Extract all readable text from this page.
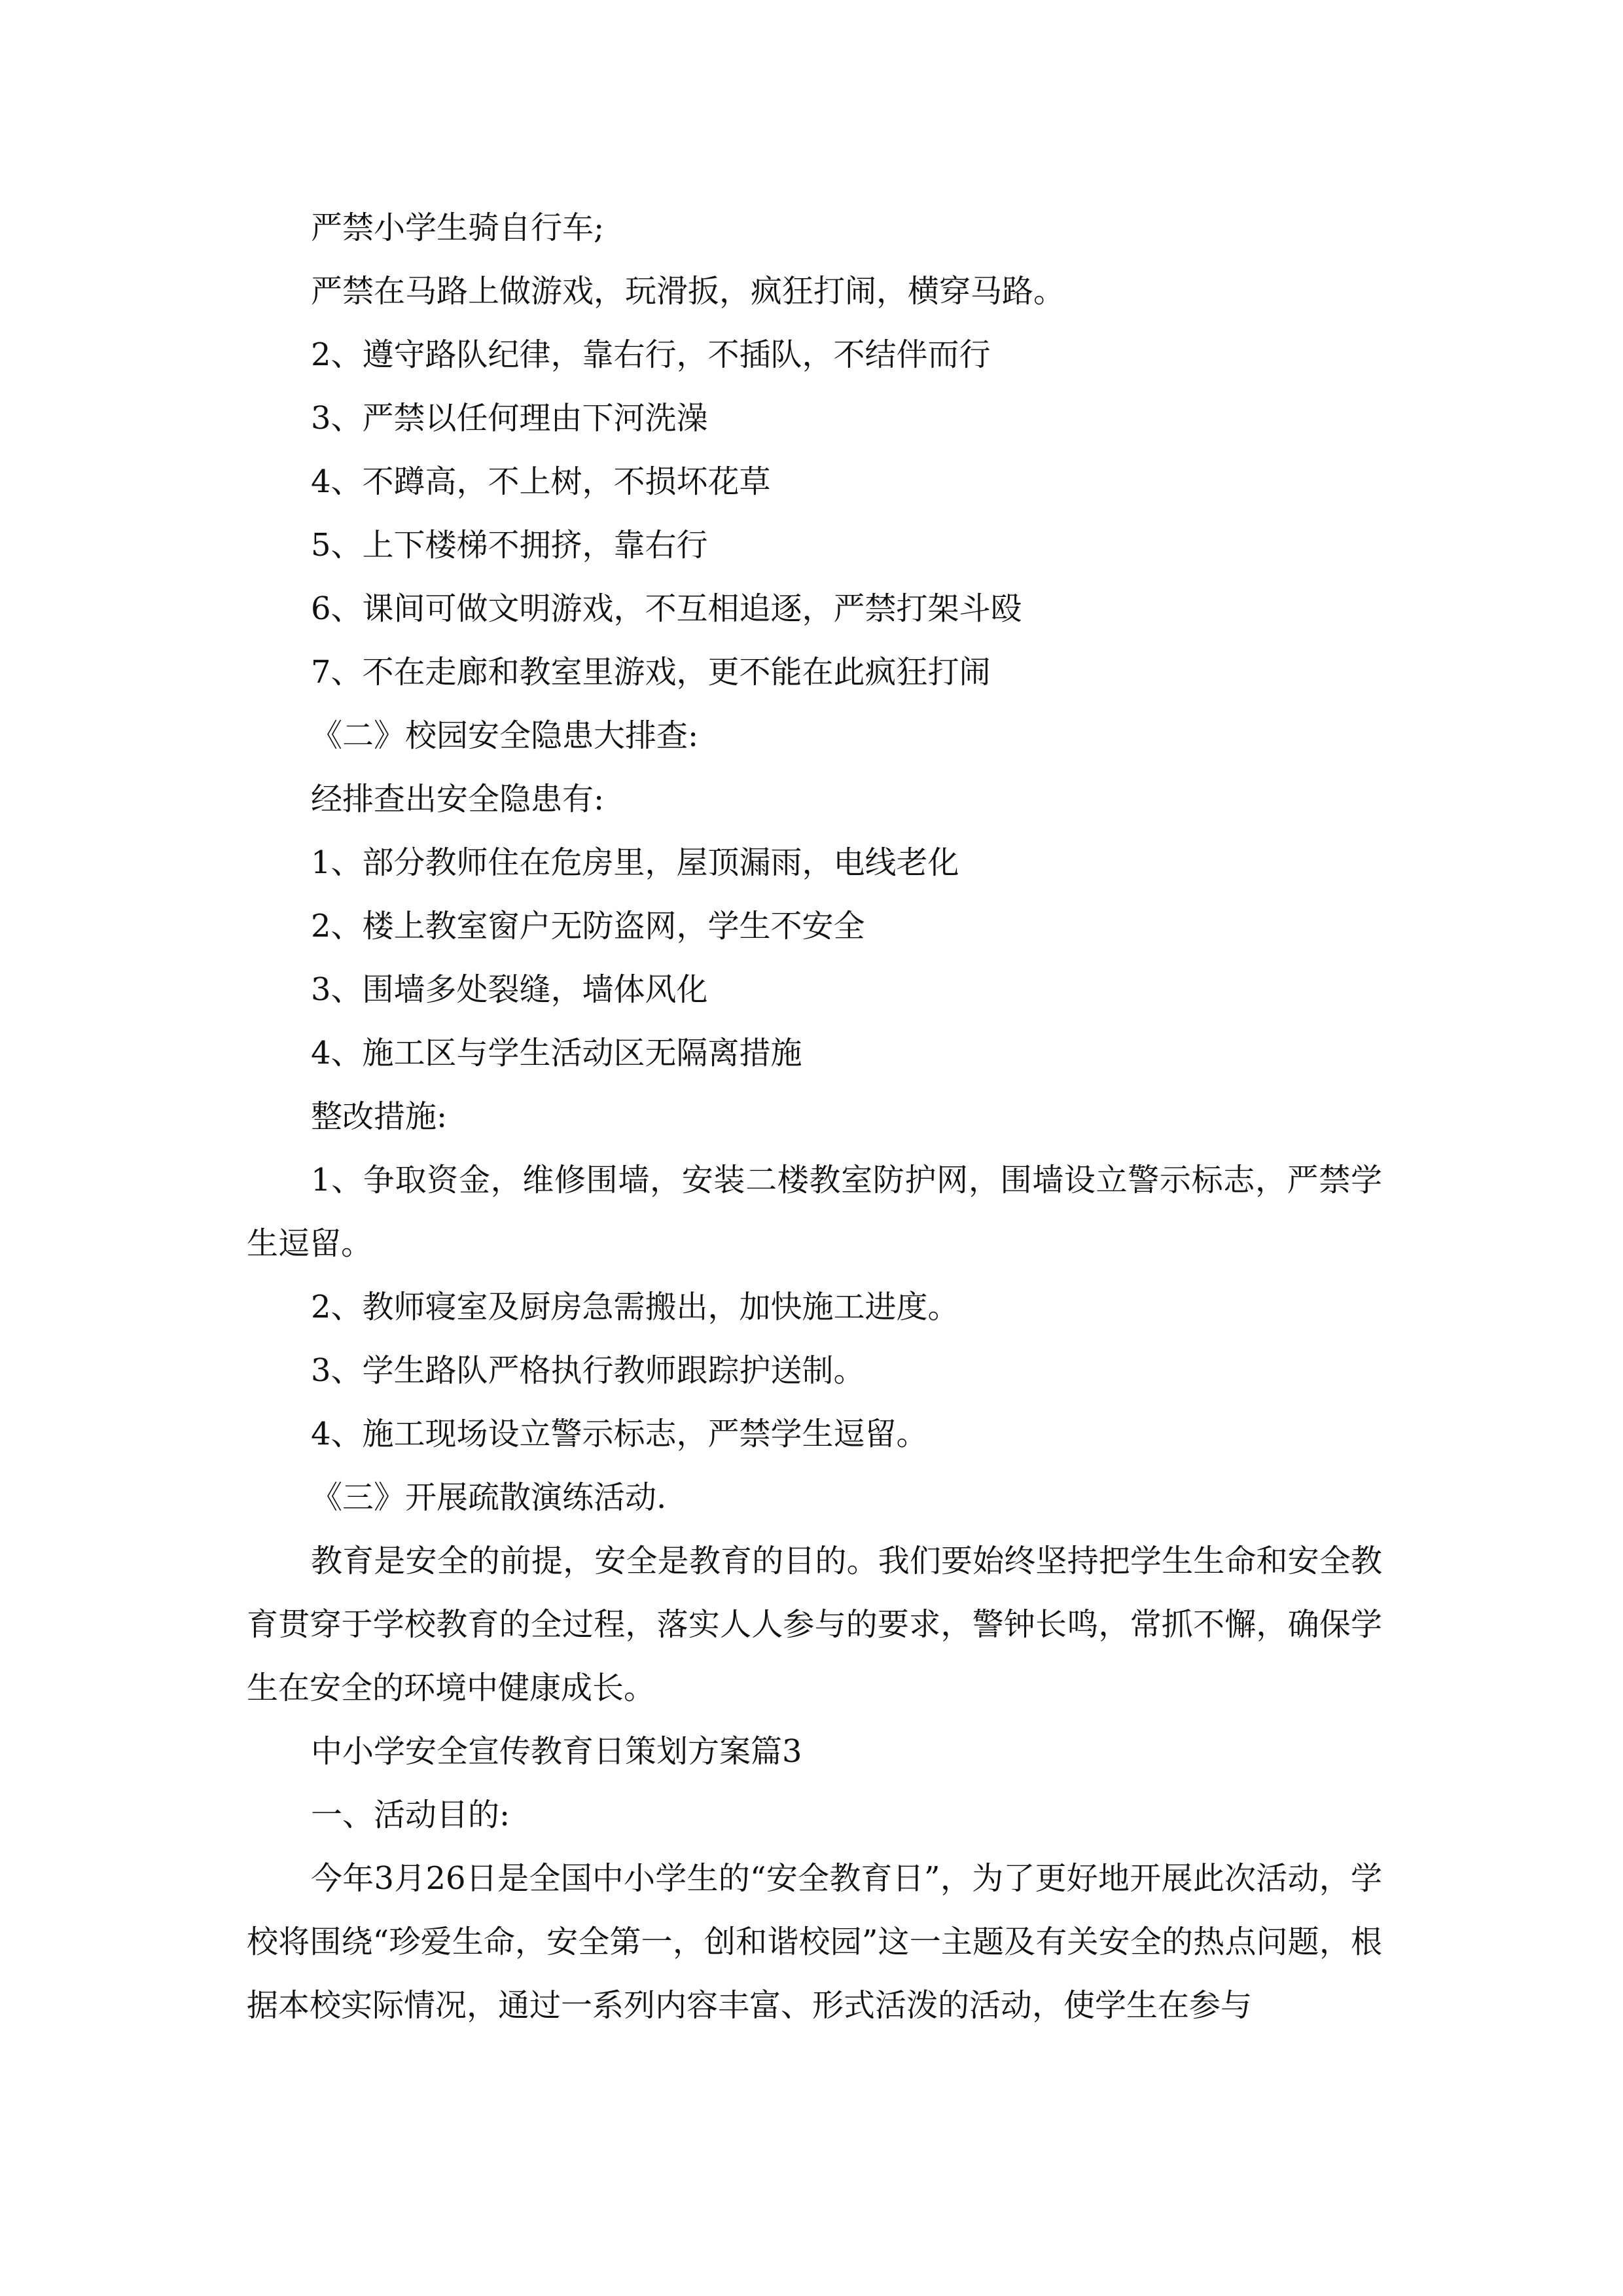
严禁小学生骑自行车;

严禁在马路上做游戏，玩滑扳，疯狂打闹，横穿马路。

2、遵守路队纪律，靠右行，不插队，不结伴而行

3、严禁以任何理由下河洗澡

4、不蹲高，不上树，不损坏花草

5、上下楼梯不拥挤，靠右行

6、课间可做文明游戏，不互相追逐，严禁打架斗殴

7、不在走廊和教室里游戏，更不能在此疯狂打闹

《二》校园安全隐患大排查:

经排查出安全隐患有:

1、部分教师住在危房里，屋顶漏雨，电线老化

2、楼上教室窗户无防盗网，学生不安全

3、围墙多处裂缝，墙体风化

4、施工区与学生活动区无隔离措施

整改措施:

1、争取资金，维修围墙，安装二楼教室防护网，围墙设立警示标志，严禁学生逗留。

2、教师寝室及厨房急需搬出，加快施工进度。

3、学生路队严格执行教师跟踪护送制。

4、施工现场设立警示标志，严禁学生逗留。

《三》开展疏散演练活动.

教育是安全的前提，安全是教育的目的。我们要始终坚持把学生生命和安全教育贯穿于学校教育的全过程，落实人人参与的要求，警钟长鸣，常抓不懈，确保学生在安全的环境中健康成长。

中小学安全宣传教育日策划方案篇3

一、活动目的:

今年3月26日是全国中小学生的“安全教育日”，为了更好地开展此次活动，学校将围绕“珍爱生命，安全第一，创和谐校园”这一主题及有关安全的热点问题，根据本校实际情况，通过一系列内容丰富、形式活泼的活动，使学生在参与
